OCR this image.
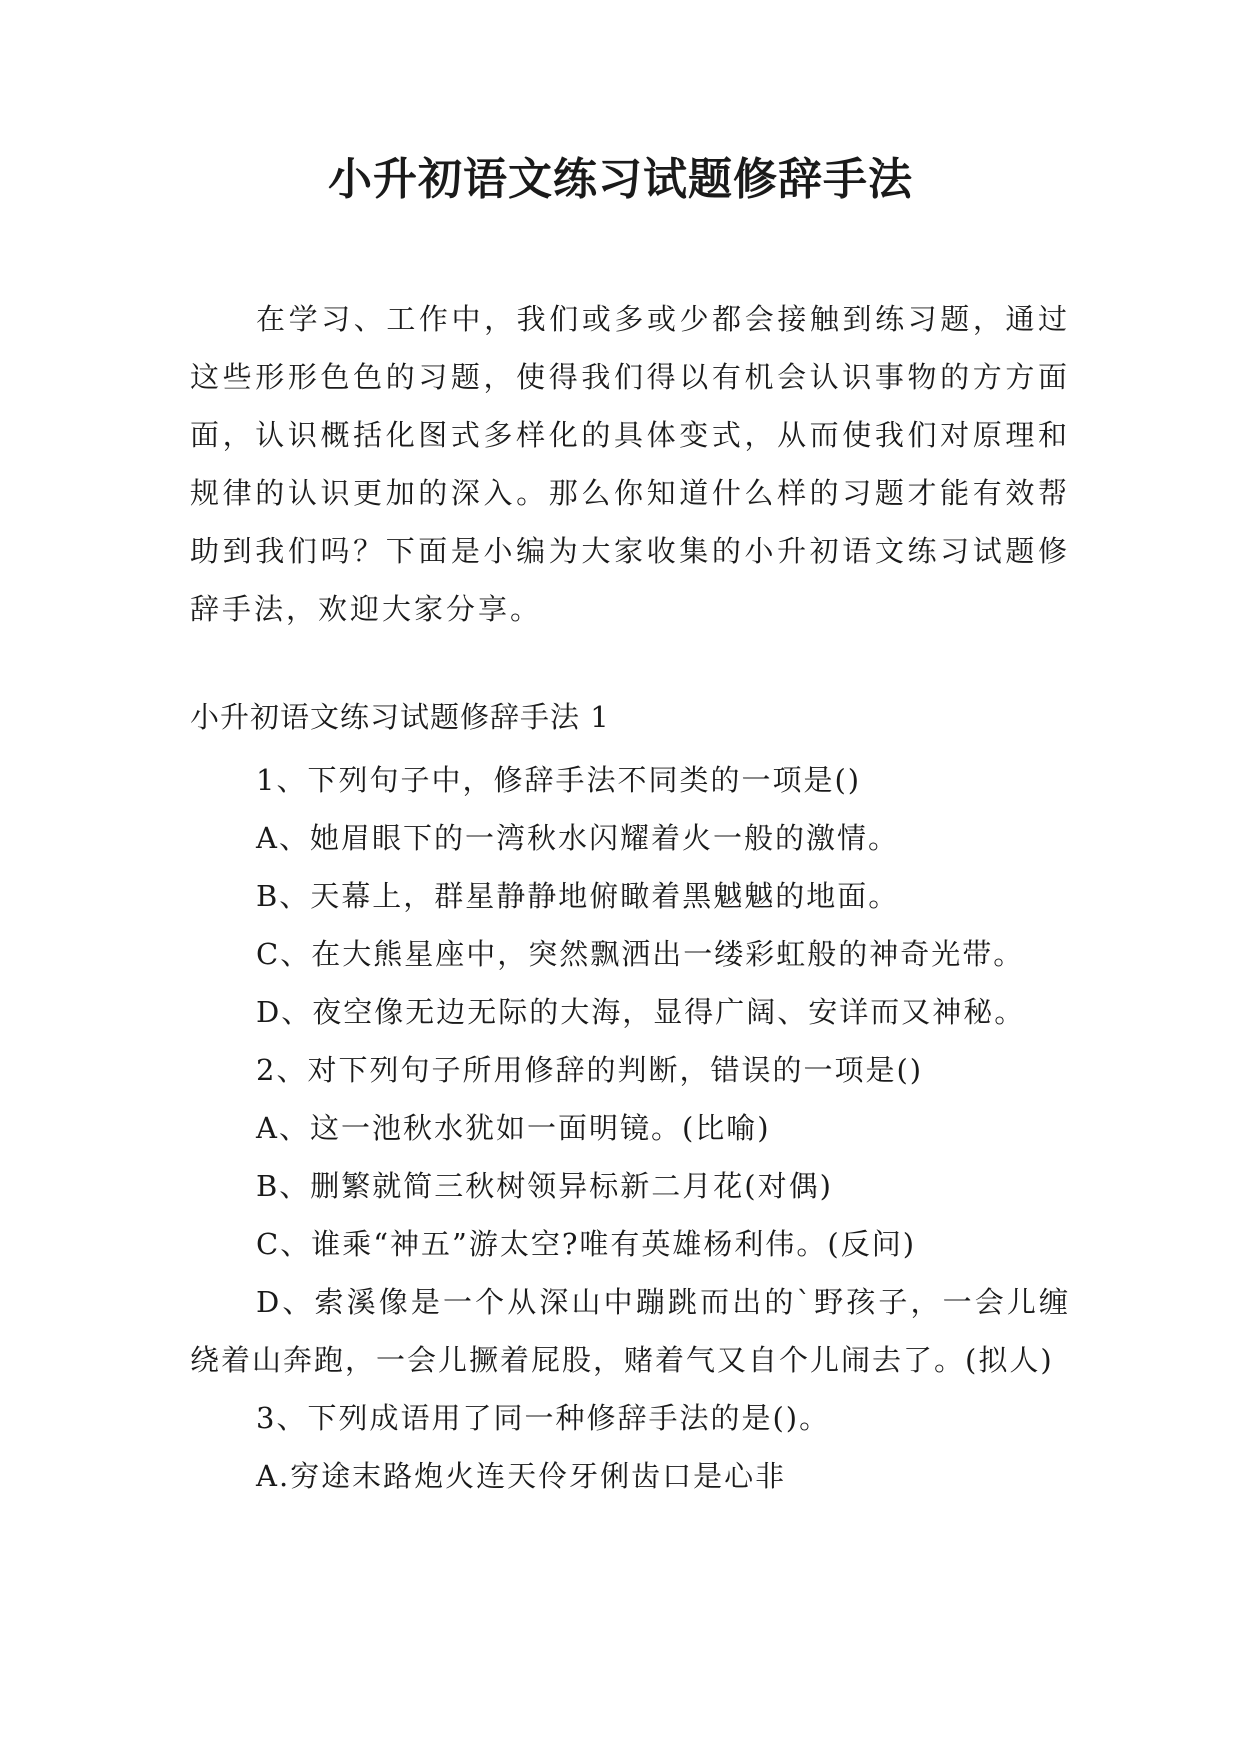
小升初语文练习试题修辞手法

在学习、工作中，我们或多或少都会接触到练习题，通过这些形形色色的习题，使得我们得以有机会认识事物的方方面面，认识概括化图式多样化的具体变式，从而使我们对原理和规律的认识更加的深入。那么你知道什么样的习题才能有效帮助到我们吗？下面是小编为大家收集的小升初语文练习试题修辞手法，欢迎大家分享。

小升初语文练习试题修辞手法 1

1、下列句子中，修辞手法不同类的一项是()

A、她眉眼下的一湾秋水闪耀着火一般的激情。

B、天幕上，群星静静地俯瞰着黑魆魆的地面。

C、在大熊星座中，突然飘洒出一缕彩虹般的神奇光带。

D、夜空像无边无际的大海，显得广阔、安详而又神秘。

2、对下列句子所用修辞的判断，错误的一项是()

A、这一池秋水犹如一面明镜。(比喻)

B、删繁就简三秋树领异标新二月花(对偶)

C、谁乘“神五”游太空?唯有英雄杨利伟。(反问)

D、索溪像是一个从深山中蹦跳而出的`野孩子，一会儿缠绕着山奔跑，一会儿撅着屁股，赌着气又自个儿闹去了。(拟人)

3、下列成语用了同一种修辞手法的是()。

A.穷途末路炮火连天伶牙俐齿口是心非
